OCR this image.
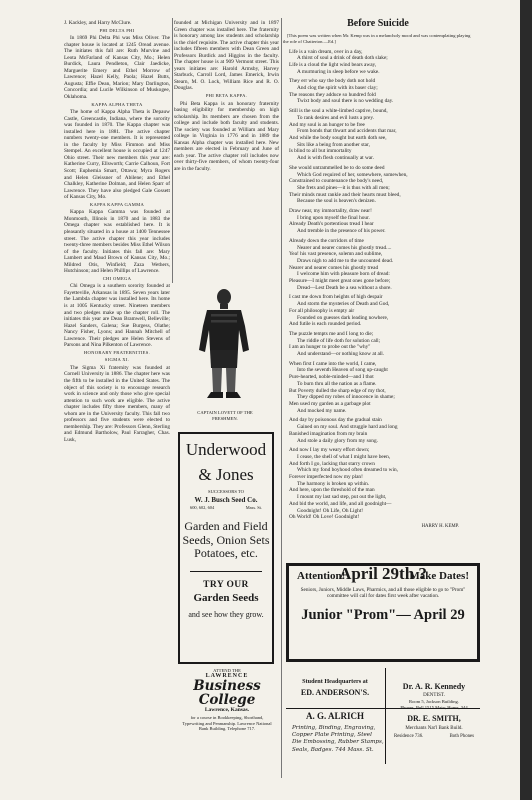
J. Kackley, and Harry McClure.

PHI DELTA PHI

In 1869 Phi Delta Phi was Miss Oliver. The chapter house is located at 1245 Oread avenue. The initiates this fall are: Ruth Murvine and Leota McFarland of Kansas City, Mo.; Helen Burdick, Laura Pendleton, Clair Jaedicke, Marguerite Emery and Ethel Morrow of Lawrence; Hazel Kelly, Paola; Hazel Butts, Augusta; Effie Dean, Marion; Mary Darlington, Concordia; and Lucile Wilkinson of Muskogee, Oklahoma.

KAPPA ALPHA THETA

The home of Kappa Alpha Theta is Depauw Castle, Greencastle, Indiana, where the sorority was founded in 1870. The Kappa chapter was installed here in 1881. The active chapter numbers twenty-one members. It is represented in the faculty by Miss Fimmon and Miss Stempel. An excellent house is occupied at 1247 Ohio street. Their new members this year are: Katherine Curry, Ellsworth; Carrie Calhoun, Fort Scott; Euphemia Smart, Ottawa; Myra Rogers and Helen Gleissner of Abilene; and Ethel Chalkley, Katherine Dolman, and Helen Sparr of Lawrence. They have also pledged Gale Gossett of Kansas City, Mo.

KAPPA KAPPA GAMMA

Kappa Kappa Gamma was founded at Monmouth, Illinois in 1870 and in 1883 the Omega chapter was established here. It is pleasantly situated in a house at 1400 Tennessee street. The active chapter this year includes twenty-three members besides Miss Ethel Wilson of the faculty. Initiates this fall are: Mary Lambert and Maud Brown of Kansas City, Mo.; Mildred Otis, Winfield; Zaza Wethers, Hutchinson; and Helen Phillips of Lawrence.

CHI OMEGA

Chi Omega is a southern sorority founded at Fayetteville, Arkansas in 1895. Seven years later the Lambda chapter was installed here. Its home is at 1005 Kentucky street. Nineteen members and two pledges make up the chapter roll. The initiates this year are Dean Bramwell, Belleville; Hazel Sanders, Galena; Sue Burgess, Olathe; Nancy Fisher, Lyons; and Hannah Mitchell of Lawrence. Their pledges are Helen Stevens of Parsons and Nina Pilkenton of Lawrence.

HONORARY FRATERNITIES.
SIGMA XI.

The Sigma Xi fraternity was founded at Cornell University in 1886. The chapter here was the fifth to be installed in the United States. The object of this society is to encourage research work in science and only those who give special attention to such work are eligible. The active chapter includes fifty three members, many of whom are in the University faculty. This fall two professors and five students were elected to membership. They are: Professors Glenn, Sterling and Edmund Bartholow, Paul Farragher, Chas. Lusk,

founded at Michigan University and in 1897 Green chapter was installed here. The fraternity is honorary among law students and scholarship is the chief requisite. The active chapter this year includes fifteen members with Dean Green and Professors Burdick and Higgins in the faculty. The chapter house is at 909 Vermont street. This years initiates are: Harold Armsby, Harvey Starbuck, Carroll Lord, James Emerick, Irwin Stearn, M. O. Lock, William Rice and R. O. Douglas.

PHI BETA KAPPA.

Phi Beta Kappa is an honorary fraternity basing eligibility for membership on high scholarship. Its members are chosen from the college and include both faculty and students. The society was founded at William and Mary college in Virginia in 1776 and in 1889 the Kansas Alpha chapter was installed here. New members are elected in February and June of each year. The active chapter roll includes now over thirty-five members, of whom twenty-four are in the faculty.

CAPTAIN LOVETT OF THE
FRESHMEN.
Underwood
& Jones
SUCCESSORS TO
W. J. Busch Seed Co.
600, 602, 604	Mass. St.
Garden and Field
Seeds, Onion Sets
Potatoes, etc.
TRY OUR
Garden Seeds
and see how they grow.
ATTEND THE
LAWRENCE
Business College
Lawrence, Kansas.
for a course in Bookkeeping, Shorthand, Typewriting and Penmanship. Lawrence National Bank Building. Telephone 717.
Before Suicide
[This poem was written when Mr. Kemp was in a melancholy mood and was contemplating playing the role of Chatterton.—Ed.]
Life is a vain dream, over in a day,
A thirst of soul a drink of death doth slake;
Life is a cloud the light wind bears away,
A murmuring in sleep before we wake.
They err who say the body doth not hold
And clog the spirit with its baser clay;
The reasons they adduce so hundred fold
Twixt body and soul there is no wedding day.
Still is the soul a white-limbed captive, bound,
To rank desires and evil lusts a prey.
And my soul is an hunger to be free
From bonds that thwart and accidents that mar,
And while the body sought but earth doth see,
Sits like a being from another star,
Is blind to all but immortality
And is with flesh continually at war.
She would untrammelled be to do some deed
Which God required of her, somewhere, somewhen,
Constrained to countenance the body's need,
She frets and pines—it is thus with all men;
Their minds must rankle and their hearts must bleed,
Because the soul is heaven's denizen.
Draw near, my immortality, draw near!
I bring upon myself the final hour.
Already Death's portentious tread I hear
And tremble in the presence of his power.
Already down the corridors of time
Nearer and nearer comes his ghostly tread....
Yea! his vast presence, solemn and sublime,
Draws nigh to add me to the uncounted dead.
Nearer and nearer comes his ghostly tread
I welcome him with pleasure born of dread:
Pleasure—I might meet great ones gone before;
Dread—Lest Death be a sea without a shore.
I cast me down from heights of high despair
And storm the mysteries of Death and God,
For all philosophy is empty air
Founded on guesses dark leading nowhere,
And futile is each rounded period.
The puzzle tempts me and I long to die;
The riddle of life doth for solution call;
I am an hunger to probe out the "why"
And understand—or nothing know at all.
When first I came into the world, I came,
Into the seventh Heaven of song up-caught
Pure-hearted, noble-minded—and I thot
To burn thru all the nation as a flame.
But Poverty dulled the sharp edge of my thot,
They dipped my robes of innocence in shame;
Men used my garden as a garbage plot
And mocked my name.
And day by poisonous day the gradual stain
Gained on my soul. And struggle hard and long
Banished imagination from my brain
And stole a daily glory from my song.
And now I lay my weary effort down;
I cease, the shell of what I might have been,
And forth I go, lacking that starry crown
Which my fond boyhood often dreamed to win,
Forever imperfected now my plan!
The harmony is broken up within.
And here, upon the threshold of the man
I mount my last sad step, put out the light,
And bid the world, and life, and all goodnight—
Goodnight! Oh Life, Oh Light!
Oh World! Oh Love! Goodnight!
HARRY H. KEMP.
Attention!	Make Dates!
April 29th ?
Seniors, Juniors, Middle Laws, Pharmics, and all those eligible to go to "Prom" committee will call for dates first week after vacation.
Junior "Prom"— April 29
Student Headquarters at
ED. ANDERSON'S.
A. G. ALRICH
Printing, Binding, Engraving,
Copper Plate Printing, Steel
Die Embossing, Rubber Stamps,
Seals, Badges. 744 Mass. St.
Dr. A. R. Kennedy
DENTIST.
Room 5, Jackson Building.
Phones, Bell 1515 Main; Home, 344
DR. E. SMITH,
Merchants Nat'l Bank Build.
Residence 736.	Both Phones
